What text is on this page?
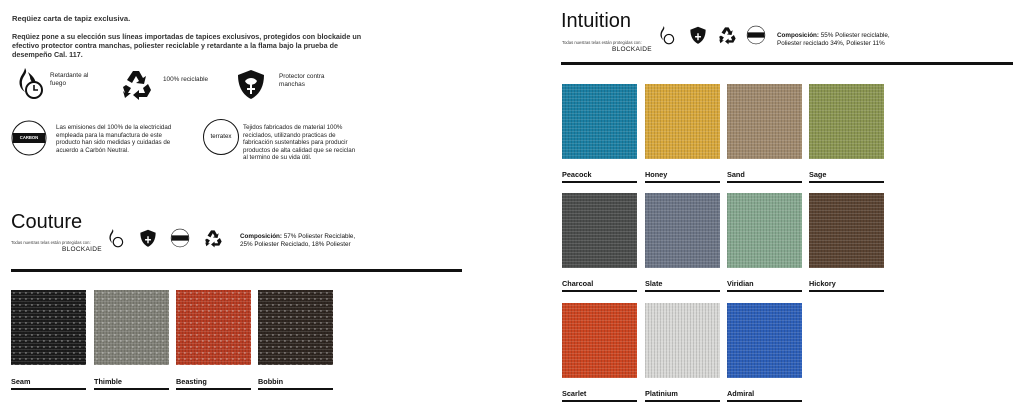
Reqüiez carta de tapiz exclusiva.
Reqüiez pone a su elección sus líneas importadas de tapices exclusivos, protegidos con blockaide un efectivo protector contra manchas, poliester reciclable y retardante a la flama bajo la prueba de desempeño Cal. 117.
Retardante al fuego
100% reciclable	Protector contra manchas
CARBON NEUTRAL
Las emisiones del 100% de la electricidad empleada para la manufactura de este producto han sido medidas y cuidadas de acuerdo a Carbón Neutral.
terratex
Tejidos fabricados de material 100% reciclados, utilizando practicas de fabricación sustentables para producir productos de alta calidad que se reciclan al termino de su vida útil.
Couture
Todas nuestras telas están protegidas con:
BLOCKAIDE
Composición: 57% Poliester Reciclable, 25% Poliester Reciclado, 18% Poliester
Seam	Thimble	Beasting	Bobbin
Intuition
Todas nuestras telas están protegidas con:
BLOCKAIDE
Composición: 55% Poliester reciclable, Poliester reciclado 34%, Poliester 11%
Peacock	Honey	Sand	Sage
Charcoal	Slate	Viridian	Hickory
Scarlet	Platinium	Admiral
